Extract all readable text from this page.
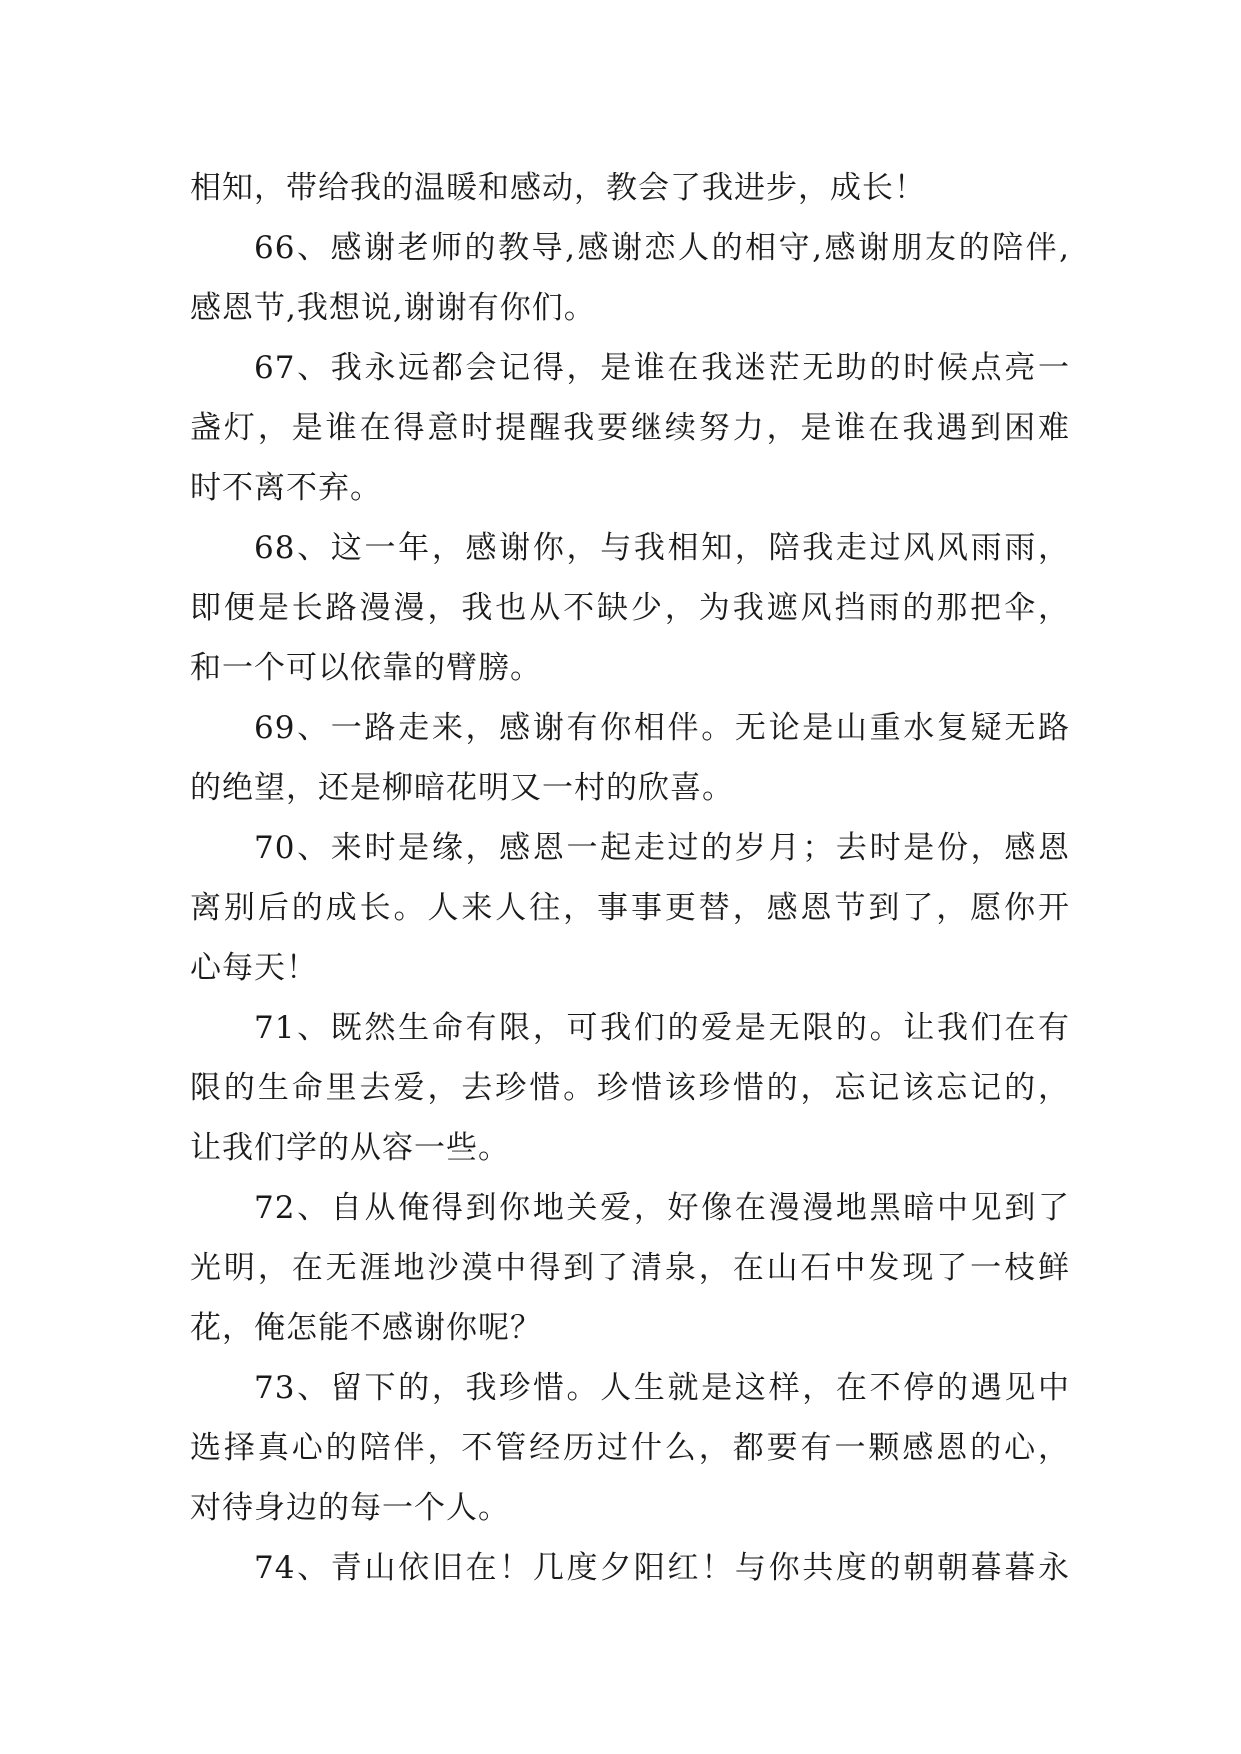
相知，带给我的温暖和感动，教会了我进步，成长！
66、感谢老师的教导,感谢恋人的相守,感谢朋友的陪伴,
感恩节,我想说,谢谢有你们。
67、我永远都会记得，是谁在我迷茫无助的时候点亮一
盏灯，是谁在得意时提醒我要继续努力，是谁在我遇到困难
时不离不弃。
68、这一年，感谢你，与我相知，陪我走过风风雨雨，
即便是长路漫漫，我也从不缺少，为我遮风挡雨的那把伞，
和一个可以依靠的臂膀。
69、一路走来，感谢有你相伴。无论是山重水复疑无路
的绝望，还是柳暗花明又一村的欣喜。
70、来时是缘，感恩一起走过的岁月；去时是份，感恩
离别后的成长。人来人往，事事更替，感恩节到了，愿你开
心每天！
71、既然生命有限，可我们的爱是无限的。让我们在有
限的生命里去爱，去珍惜。珍惜该珍惜的，忘记该忘记的，
让我们学的从容一些。
72、自从俺得到你地关爱，好像在漫漫地黑暗中见到了
光明，在无涯地沙漠中得到了清泉，在山石中发现了一枝鲜
花，俺怎能不感谢你呢？
73、留下的，我珍惜。人生就是这样，在不停的遇见中
选择真心的陪伴，不管经历过什么，都要有一颗感恩的心，
对待身边的每一个人。
74、青山依旧在！几度夕阳红！与你共度的朝朝暮暮永
